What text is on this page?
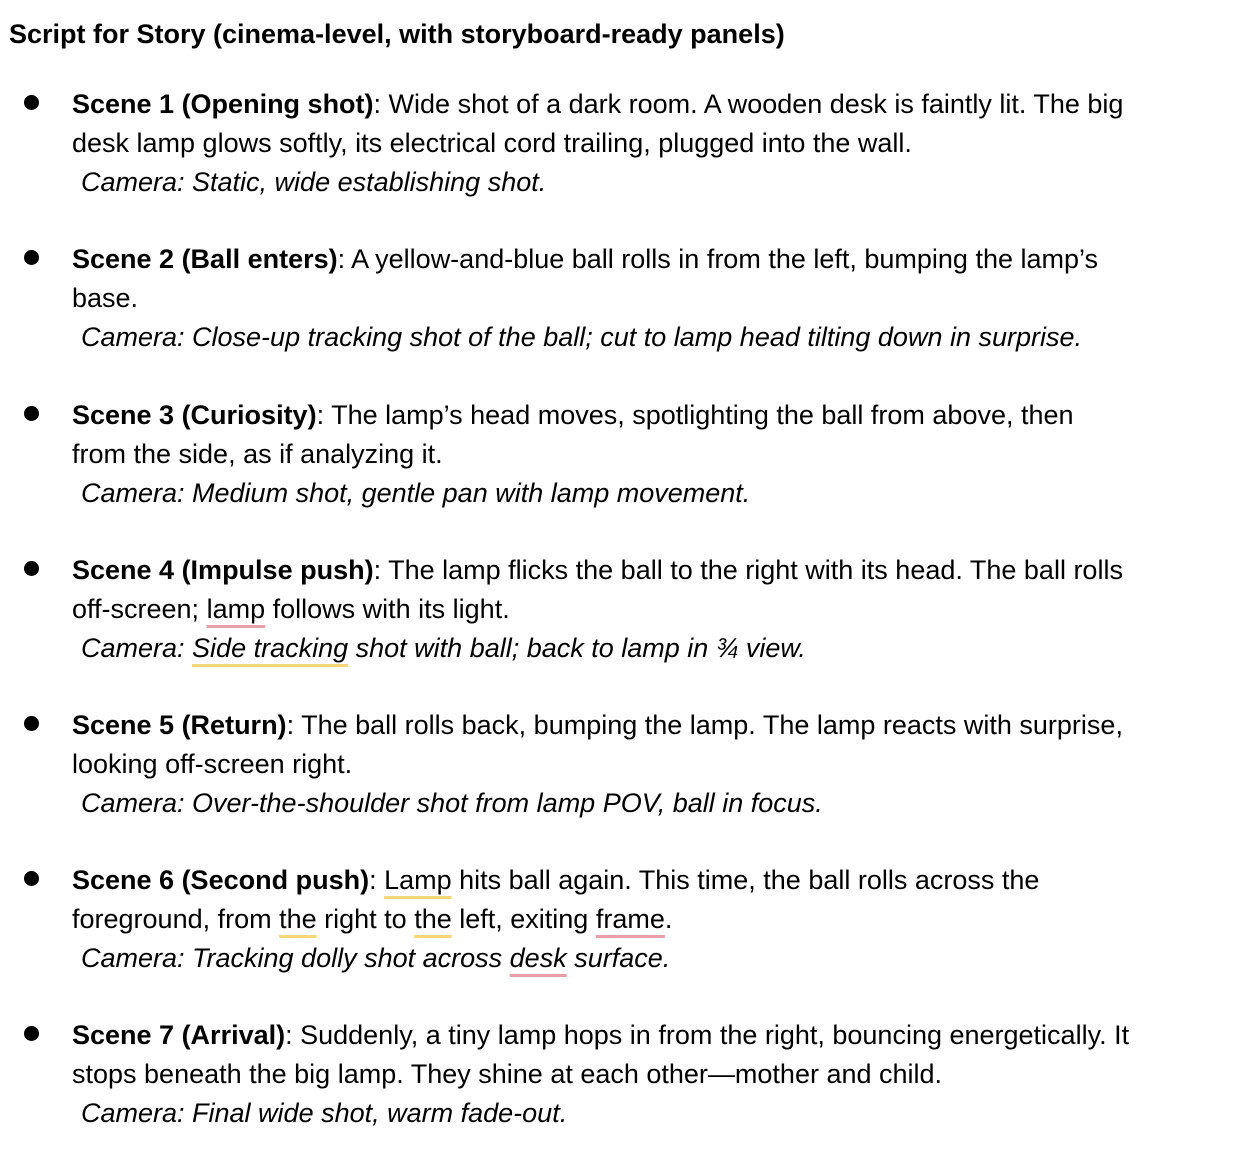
Script for Story (cinema-level, with storyboard-ready panels)
Scene 1 (Opening shot): Wide shot of a dark room. A wooden desk is faintly lit. The big
desk lamp glows softly, its electrical cord trailing, plugged into the wall.
Camera: Static, wide establishing shot.
Scene 2 (Ball enters): A yellow-and-blue ball rolls in from the left, bumping the lamp’s
base.
Camera: Close-up tracking shot of the ball; cut to lamp head tilting down in surprise.
Scene 3 (Curiosity): The lamp’s head moves, spotlighting the ball from above, then
from the side, as if analyzing it.
Camera: Medium shot, gentle pan with lamp movement.
Scene 4 (Impulse push): The lamp flicks the ball to the right with its head. The ball rolls
off-screen; lamp follows with its light.
Camera: Side tracking shot with ball; back to lamp in ¾ view.
Scene 5 (Return): The ball rolls back, bumping the lamp. The lamp reacts with surprise,
looking off-screen right.
Camera: Over-the-shoulder shot from lamp POV, ball in focus.
Scene 6 (Second push): Lamp hits ball again. This time, the ball rolls across the
foreground, from the right to the left, exiting frame.
Camera: Tracking dolly shot across desk surface.
Scene 7 (Arrival): Suddenly, a tiny lamp hops in from the right, bouncing energetically. It
stops beneath the big lamp. They shine at each other—mother and child.
Camera: Final wide shot, warm fade-out.
